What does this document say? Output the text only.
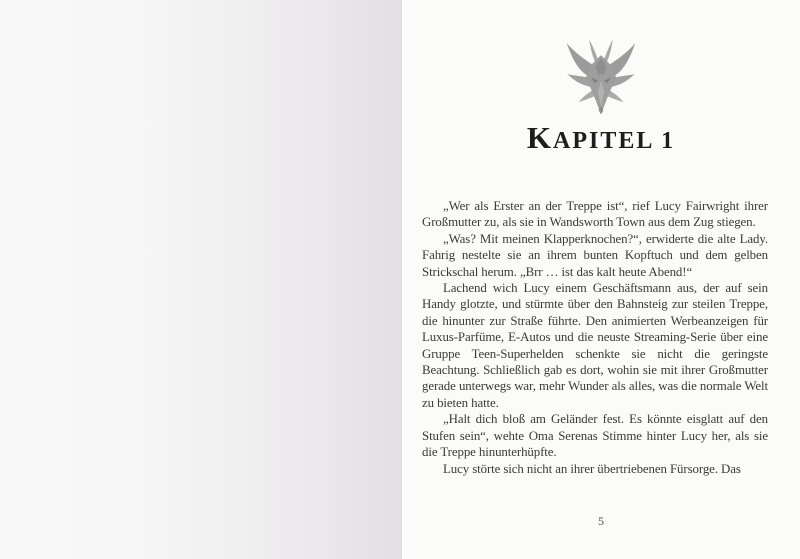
KAPITEL 1

„Wer als Erster an der Treppe ist“, rief Lucy Fairwright ihrer Großmutter zu, als sie in Wandsworth Town aus dem Zug stiegen.

„Was? Mit meinen Klapperknochen?“, erwiderte die alte Lady. Fahrig nestelte sie an ihrem bunten Kopftuch und dem gelben Strickschal herum. „Brr … ist das kalt heute Abend!“

Lachend wich Lucy einem Geschäftsmann aus, der auf sein Handy glotzte, und stürmte über den Bahnsteig zur steilen Treppe, die hinunter zur Straße führte. Den animierten Werbeanzeigen für Luxus-Parfüme, E-Autos und die neuste Streaming-Serie über eine Gruppe Teen-Superhelden schenkte sie nicht die geringste Beachtung. Schließlich gab es dort, wohin sie mit ihrer Großmutter gerade unterwegs war, mehr Wunder als alles, was die normale Welt zu bieten hatte.

„Halt dich bloß am Geländer fest. Es könnte eisglatt auf den Stufen sein“, wehte Oma Serenas Stimme hinter Lucy her, als sie die Treppe hinunterhüpfte.

Lucy störte sich nicht an ihrer übertriebenen Fürsorge. Das

5
